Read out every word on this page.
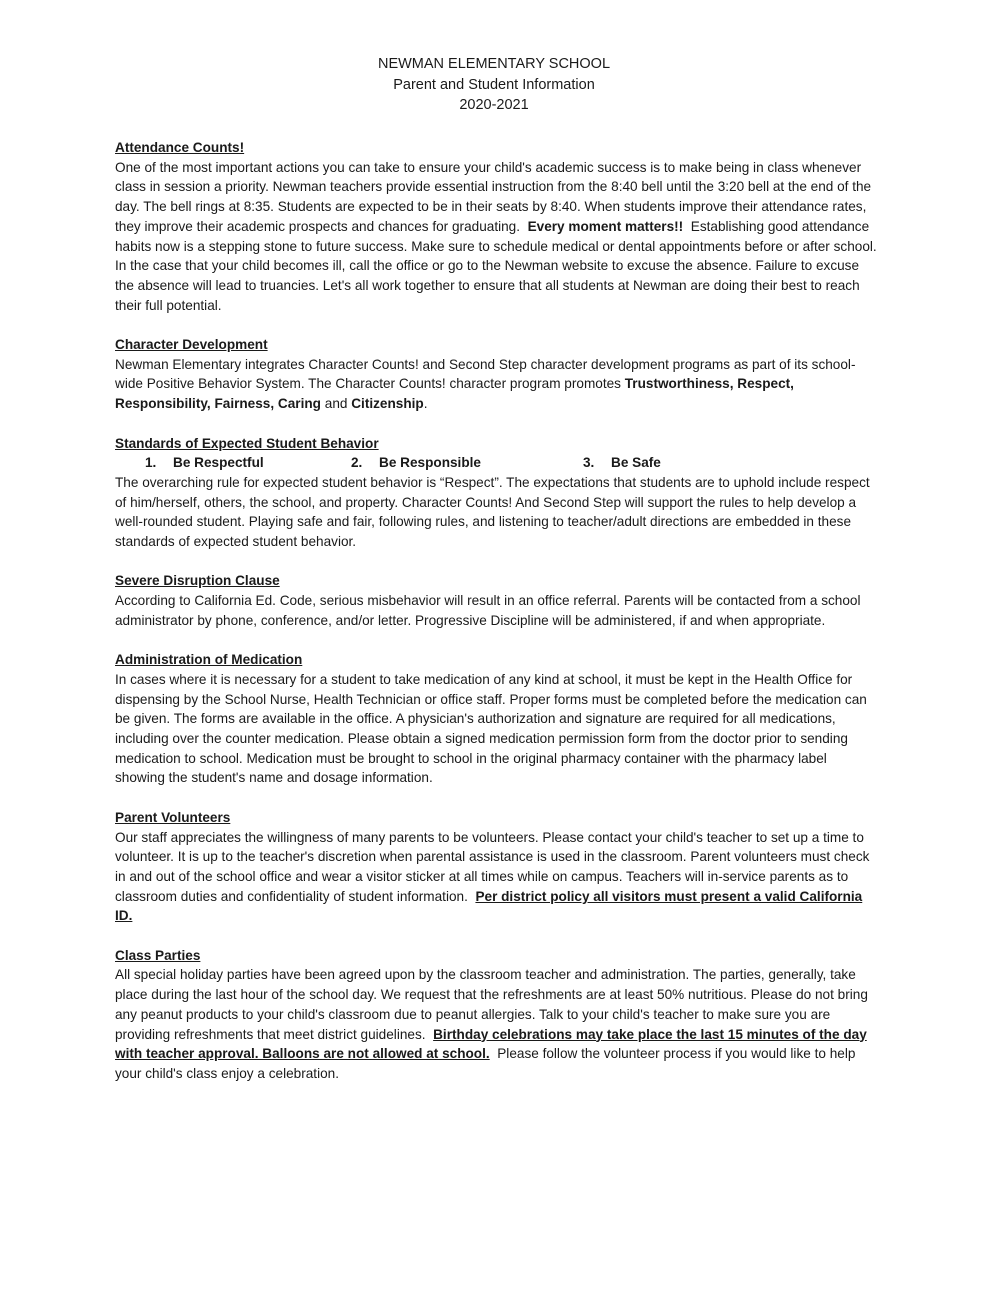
NEWMAN ELEMENTARY SCHOOL
Parent and Student Information
2020-2021
Attendance Counts!

One of the most important actions you can take to ensure your child's academic success is to make being in class whenever class in session a priority. Newman teachers provide essential instruction from the 8:40 bell until the 3:20 bell at the end of the day. The bell rings at 8:35. Students are expected to be in their seats by 8:40. When students improve their attendance rates, they improve their academic prospects and chances for graduating. Every moment matters!! Establishing good attendance habits now is a stepping stone to future success. Make sure to schedule medical or dental appointments before or after school. In the case that your child becomes ill, call the office or go to the Newman website to excuse the absence. Failure to excuse the absence will lead to truancies. Let's all work together to ensure that all students at Newman are doing their best to reach their full potential.

Character Development

Newman Elementary integrates Character Counts! and Second Step character development programs as part of its school-wide Positive Behavior System. The Character Counts! character program promotes Trustworthiness, Respect, Responsibility, Fairness, Caring and Citizenship.

Standards of Expected Student Behavior
1. Be Respectful	2. Be Responsible	3. Be Safe

The overarching rule for expected student behavior is “Respect”. The expectations that students are to uphold include respect of him/herself, others, the school, and property. Character Counts! And Second Step will support the rules to help develop a well-rounded student. Playing safe and fair, following rules, and listening to teacher/adult directions are embedded in these standards of expected student behavior.

Severe Disruption Clause

According to California Ed. Code, serious misbehavior will result in an office referral. Parents will be contacted from a school administrator by phone, conference, and/or letter. Progressive Discipline will be administered, if and when appropriate.

Administration of Medication

In cases where it is necessary for a student to take medication of any kind at school, it must be kept in the Health Office for dispensing by the School Nurse, Health Technician or office staff. Proper forms must be completed before the medication can be given. The forms are available in the office. A physician's authorization and signature are required for all medications, including over the counter medication. Please obtain a signed medication permission form from the doctor prior to sending medication to school. Medication must be brought to school in the original pharmacy container with the pharmacy label showing the student's name and dosage information.

Parent Volunteers

Our staff appreciates the willingness of many parents to be volunteers. Please contact your child's teacher to set up a time to volunteer. It is up to the teacher's discretion when parental assistance is used in the classroom. Parent volunteers must check in and out of the school office and wear a visitor sticker at all times while on campus. Teachers will in-service parents as to classroom duties and confidentiality of student information. Per district policy all visitors must present a valid California ID.

Class Parties

All special holiday parties have been agreed upon by the classroom teacher and administration. The parties, generally, take place during the last hour of the school day. We request that the refreshments are at least 50% nutritious. Please do not bring any peanut products to your child's classroom due to peanut allergies. Talk to your child's teacher to make sure you are providing refreshments that meet district guidelines. Birthday celebrations may take place the last 15 minutes of the day with teacher approval. Balloons are not allowed at school. Please follow the volunteer process if you would like to help your child's class enjoy a celebration.
